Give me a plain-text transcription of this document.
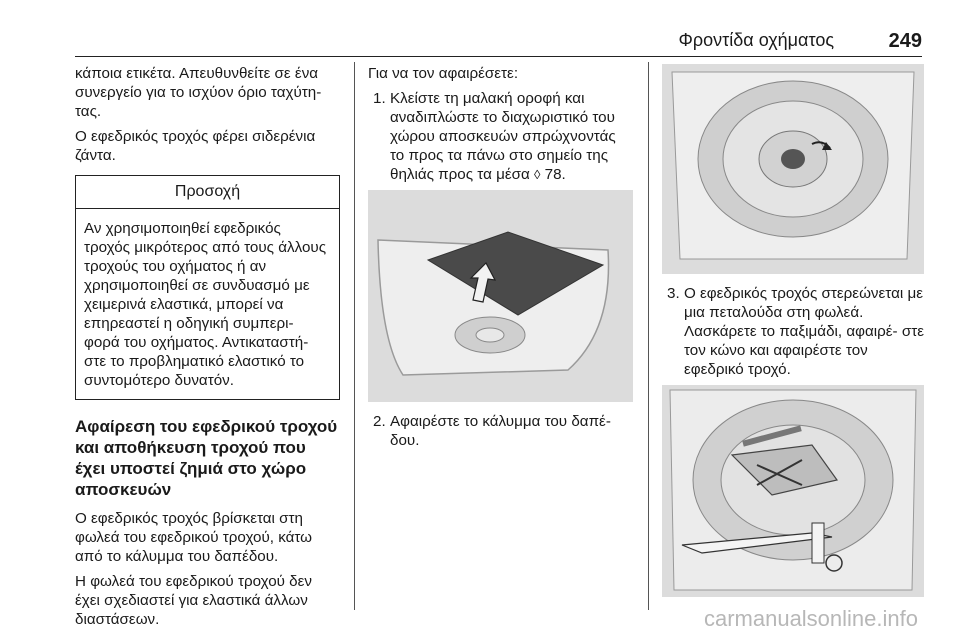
Φροντίδα οχήματος	249

κάποια ετικέτα. Απευθυνθείτε σε ένα συνεργείο για το ισχύον όριο ταχύτη‐ τας.

Ο εφεδρικός τροχός φέρει σιδερένια ζάντα.

Προσοχή
Αν χρησιμοποιηθεί εφεδρικός τροχός μικρότερος από τους άλλους τροχούς του οχήματος ή αν χρησιμοποιηθεί σε συνδυασμό με χειμερινά ελαστικά, μπορεί να επηρεαστεί η οδηγική συμπερι‐ φορά του οχήματος. Αντικαταστή‐ στε το προβληματικό ελαστικό το συντομότερο δυνατόν.
Αφαίρεση του εφεδρικού τροχού και αποθήκευση τροχού που έχει υποστεί ζημιά στο χώρο αποσκευών

Ο εφεδρικός τροχός βρίσκεται στη φωλεά του εφεδρικού τροχού, κάτω από το κάλυμμα του δαπέδου.

Η φωλεά του εφεδρικού τροχού δεν έχει σχεδιαστεί για ελαστικά άλλων διαστάσεων.

Για να τον αφαιρέσετε:

1. Κλείστε τη μαλακή οροφή και αναδιπλώστε το διαχωριστικό του χώρου αποσκευών σπρώχνοντάς το προς τα πάνω στο σημείο της θηλιάς προς τα μέσα ◊ 78.
2. Αφαιρέστε το κάλυμμα του δαπέ‐ δου.
3. Ο εφεδρικός τροχός στερεώνεται με μια πεταλούδα στη φωλεά. Λασκάρετε το παξιμάδι, αφαιρέ‐ στε τον κώνο και αφαιρέστε τον εφεδρικό τροχό.
carmanualsonline.info
